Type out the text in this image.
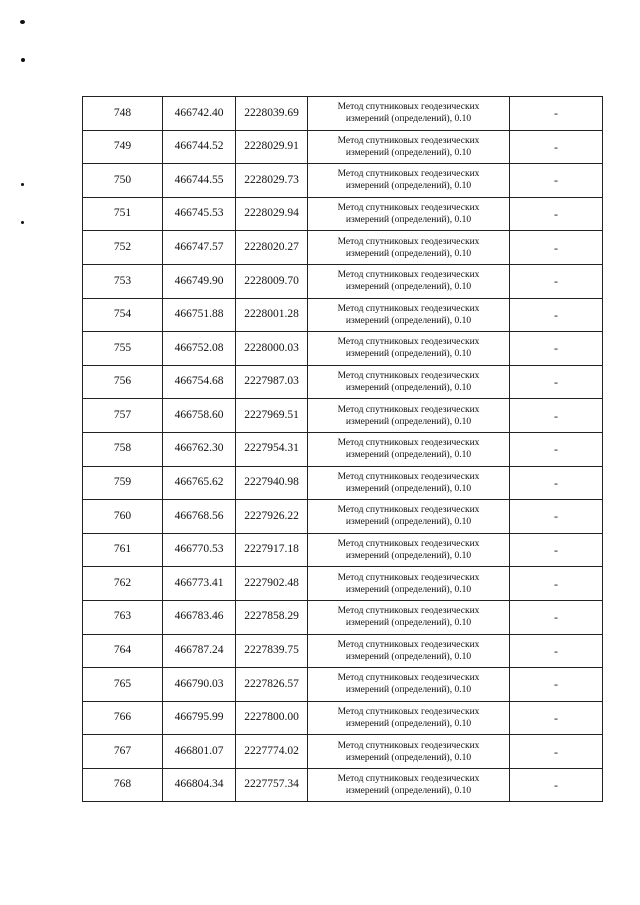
748	466742.40	2228039.69	Метод спутниковых геодезических
измерений (определений), 0.10	-
749	466744.52	2228029.91	Метод спутниковых геодезических
измерений (определений), 0.10	-
750	466744.55	2228029.73	Метод спутниковых геодезических
измерений (определений), 0.10	-
751	466745.53	2228029.94	Метод спутниковых геодезических
измерений (определений), 0.10	-
752	466747.57	2228020.27	Метод спутниковых геодезических
измерений (определений), 0.10	-
753	466749.90	2228009.70	Метод спутниковых геодезических
измерений (определений), 0.10	-
754	466751.88	2228001.28	Метод спутниковых геодезических
измерений (определений), 0.10	-
755	466752.08	2228000.03	Метод спутниковых геодезических
измерений (определений), 0.10	-
756	466754.68	2227987.03	Метод спутниковых геодезических
измерений (определений), 0.10	-
757	466758.60	2227969.51	Метод спутниковых геодезических
измерений (определений), 0.10	-
758	466762.30	2227954.31	Метод спутниковых геодезических
измерений (определений), 0.10	-
759	466765.62	2227940.98	Метод спутниковых геодезических
измерений (определений), 0.10	-
760	466768.56	2227926.22	Метод спутниковых геодезических
измерений (определений), 0.10	-
761	466770.53	2227917.18	Метод спутниковых геодезических
измерений (определений), 0.10	-
762	466773.41	2227902.48	Метод спутниковых геодезических
измерений (определений), 0.10	-
763	466783.46	2227858.29	Метод спутниковых геодезических
измерений (определений), 0.10	-
764	466787.24	2227839.75	Метод спутниковых геодезических
измерений (определений), 0.10	-
765	466790.03	2227826.57	Метод спутниковых геодезических
измерений (определений), 0.10	-
766	466795.99	2227800.00	Метод спутниковых геодезических
измерений (определений), 0.10	-
767	466801.07	2227774.02	Метод спутниковых геодезических
измерений (определений), 0.10	-
768	466804.34	2227757.34	Метод спутниковых геодезических
измерений (определений), 0.10	-
